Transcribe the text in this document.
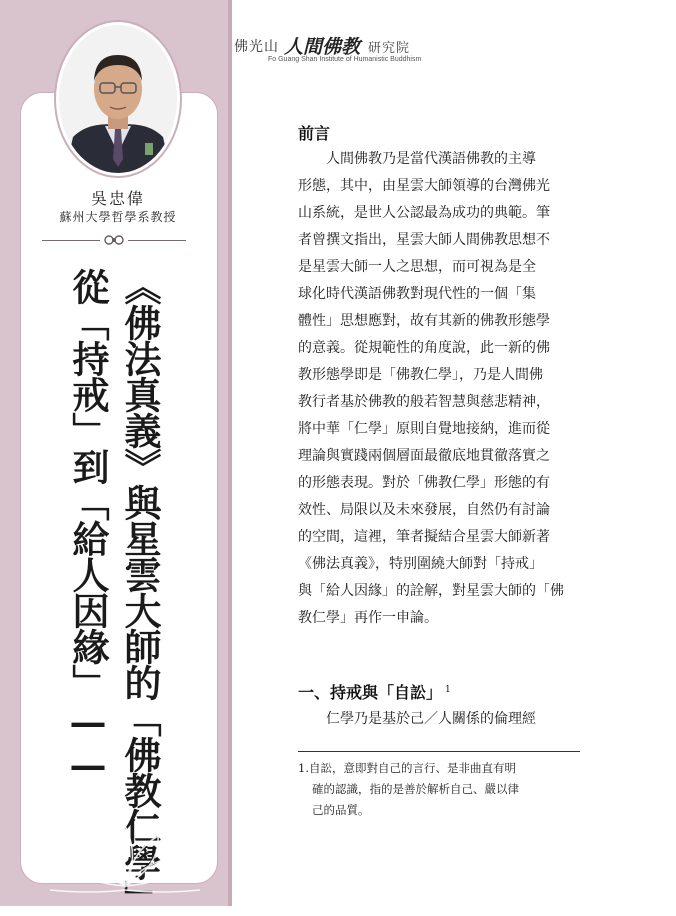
吳忠偉
蘇州大學哲學系教授
《佛法真義》與星雲大師的「佛教仁學」
從「持戒」到「給人因緣」——
佛光山 人間佛教 研究院
Fo Guang Shan Institute of Humanistic Buddhism
前言
　　人間佛教乃是當代漢語佛教的主導
形態，其中，由星雲大師領導的台灣佛光
山系統，是世人公認最為成功的典範。筆
者曾撰文指出，星雲大師人間佛教思想不
是星雲大師一人之思想，而可視為是全
球化時代漢語佛教對現代性的一個「集
體性」思想應對，故有其新的佛教形態學
的意義。從規範性的角度說，此一新的佛
教形態學即是「佛教仁學」，乃是人間佛
教行者基於佛教的般若智慧與慈悲精神，
將中華「仁學」原則自覺地接納，進而從
理論與實踐兩個層面最徹底地貫徹落實之
的形態表現。對於「佛教仁學」形態的有
效性、局限以及未來發展，自然仍有討論
的空間，這裡，筆者擬結合星雲大師新著
《佛法真義》，特別圍繞大師對「持戒」
與「給人因緣」的詮解，對星雲大師的「佛
教仁學」再作一申論。
一、持戒與「自訟」 $^1$
　　仁學乃是基於己／人關係的倫理經
1.自訟，意即對自己的言行、是非曲直有明
確的認識，指的是善於解析自己、嚴以律
己的品質。
